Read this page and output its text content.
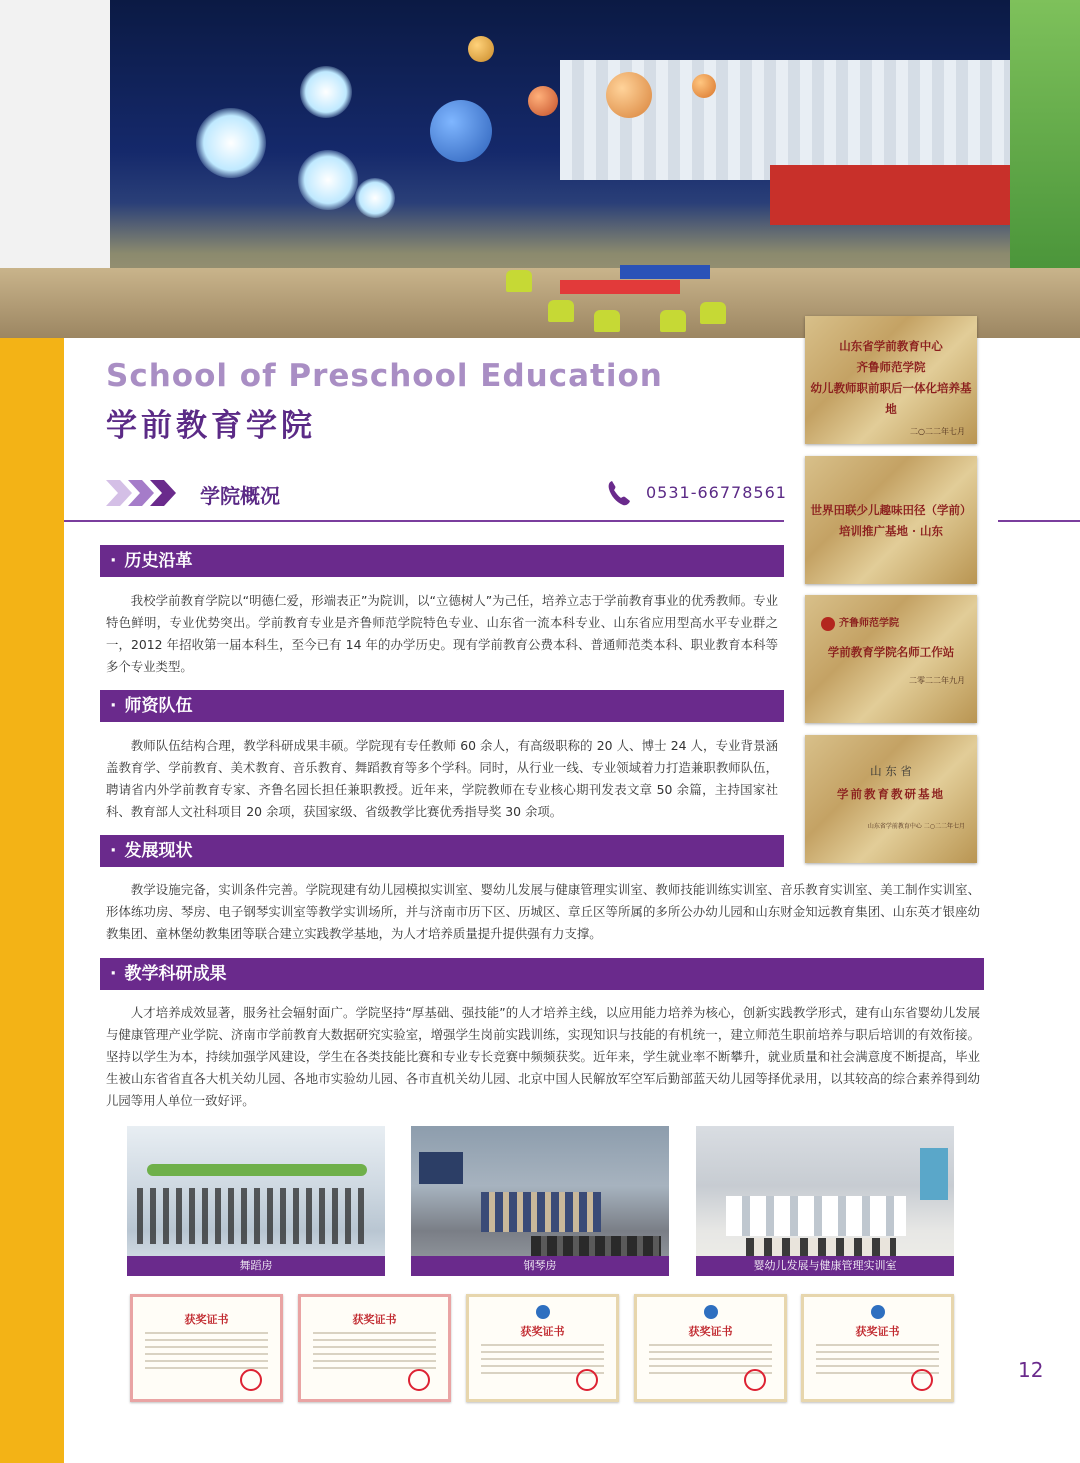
School of Preschool Education
学前教育学院
学院概况	0531-66778561
· 历史沿革
我校学前教育学院以“明德仁爱，形端表正”为院训，以“立德树人”为己任，培养立志于学前教育事业的优秀教师。专业特色鲜明，专业优势突出。学前教育专业是齐鲁师范学院特色专业、山东省一流本科专业、山东省应用型高水平专业群之一，2012 年招收第一届本科生，至今已有 14 年的办学历史。现有学前教育公费本科、普通师范类本科、职业教育本科等多个专业类型。
· 师资队伍
教师队伍结构合理，教学科研成果丰硕。学院现有专任教师 60 余人，有高级职称的 20 人、博士 24 人，专业背景涵盖教育学、学前教育、美术教育、音乐教育、舞蹈教育等多个学科。同时，从行业一线、专业领域着力打造兼职教师队伍，聘请省内外学前教育专家、齐鲁名园长担任兼职教授。近年来，学院教师在专业核心期刊发表文章 50 余篇，主持国家社科、教育部人文社科项目 20 余项，获国家级、省级教学比赛优秀指导奖 30 余项。
· 发展现状
教学设施完备，实训条件完善。学院现建有幼儿园模拟实训室、婴幼儿发展与健康管理实训室、教师技能训练实训室、音乐教育实训室、美工制作实训室、形体练功房、琴房、电子钢琴实训室等教学实训场所，并与济南市历下区、历城区、章丘区等所属的多所公办幼儿园和山东财金知远教育集团、山东英才银座幼教集团、童林堡幼教集团等联合建立实践教学基地，为人才培养质量提升提供强有力支撑。
· 教学科研成果
人才培养成效显著，服务社会辐射面广。学院坚持“厚基础、强技能”的人才培养主线，以应用能力培养为核心，创新实践教学形式，建有山东省婴幼儿发展与健康管理产业学院、济南市学前教育大数据研究实验室，增强学生岗前实践训练，实现知识与技能的有机统一，建立师范生职前培养与职后培训的有效衔接。坚持以学生为本，持续加强学风建设，学生在各类技能比赛和专业专长竞赛中频频获奖。近年来，学生就业率不断攀升，就业质量和社会满意度不断提高，毕业生被山东省省直各大机关幼儿园、各地市实验幼儿园、各市直机关幼儿园、北京中国人民解放军空军后勤部蓝天幼儿园等择优录用，以其较高的综合素养得到幼儿园等用人单位一致好评。
山东省学前教育中心
齐鲁师范学院
幼儿教师职前职后一体化培养基地
二○二二年七月
世界田联少儿趣味田径（学前）
培训推广基地 · 山东
齐鲁师范学院
学前教育学院名师工作站
二零二二年九月
山 东 省
学前教育教研基地
山东省学前教育中心 二○二二年七月
舞蹈房	钢琴房	婴幼儿发展与健康管理实训室
获奖证书	获奖证书
获奖证书	获奖证书	获奖证书
12
